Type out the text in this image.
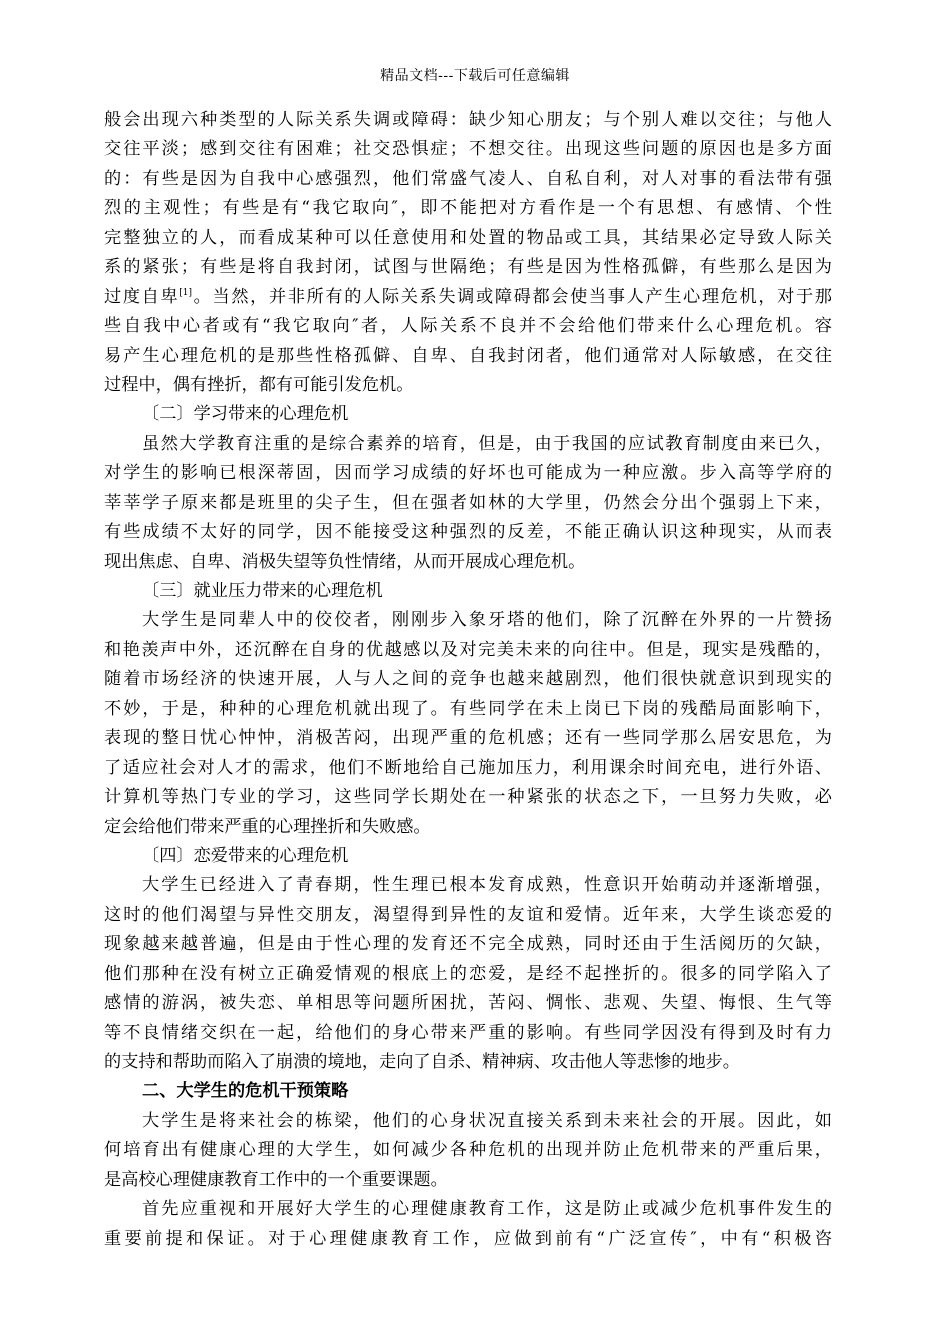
精品文档---下载后可任意编辑
般会出现六种类型的人际关系失调或障碍：缺少知心朋友；与个别人难以交往；与他人
交往平淡；感到交往有困难；社交恐惧症；不想交往。出现这些问题的原因也是多方面
的：有些是因为自我中心感强烈，他们常盛气凌人、自私自利，对人对事的看法带有强
烈的主观性；有些是有“我它取向″，即不能把对方看作是一个有思想、有感情、个性
完整独立的人，而看成某种可以任意使用和处置的物品或工具，其结果必定导致人际关
系的紧张；有些是将自我封闭，试图与世隔绝；有些是因为性格孤僻，有些那么是因为
过度自卑[1]。当然，并非所有的人际关系失调或障碍都会使当事人产生心理危机，对于那
些自我中心者或有“我它取向″者，人际关系不良并不会给他们带来什么心理危机。容
易产生心理危机的是那些性格孤僻、自卑、自我封闭者，他们通常对人际敏感，在交往
过程中，偶有挫折，都有可能引发危机。
〔二〕学习带来的心理危机
虽然大学教育注重的是综合素养的培育，但是，由于我国的应试教育制度由来已久，
对学生的影响已根深蒂固，因而学习成绩的好坏也可能成为一种应激。步入高等学府的
莘莘学子原来都是班里的尖子生，但在强者如林的大学里，仍然会分出个强弱上下来，
有些成绩不太好的同学，因不能接受这种强烈的反差，不能正确认识这种现实，从而表
现出焦虑、自卑、消极失望等负性情绪，从而开展成心理危机。
〔三〕就业压力带来的心理危机
大学生是同辈人中的佼佼者，刚刚步入象牙塔的他们，除了沉醉在外界的一片赞扬
和艳羡声中外，还沉醉在自身的优越感以及对完美未来的向往中。但是，现实是残酷的，
随着市场经济的快速开展，人与人之间的竞争也越来越剧烈，他们很快就意识到现实的
不妙，于是，种种的心理危机就出现了。有些同学在未上岗已下岗的残酷局面影响下，
表现的整日忧心忡忡，消极苦闷，出现严重的危机感；还有一些同学那么居安思危，为
了适应社会对人才的需求，他们不断地给自己施加压力，利用课余时间充电，进行外语、
计算机等热门专业的学习，这些同学长期处在一种紧张的状态之下，一旦努力失败，必
定会给他们带来严重的心理挫折和失败感。
〔四〕恋爱带来的心理危机
大学生已经进入了青春期，性生理已根本发育成熟，性意识开始萌动并逐渐增强，
这时的他们渴望与异性交朋友，渴望得到异性的友谊和爱情。近年来，大学生谈恋爱的
现象越来越普遍，但是由于性心理的发育还不完全成熟，同时还由于生活阅历的欠缺，
他们那种在没有树立正确爱情观的根底上的恋爱，是经不起挫折的。很多的同学陷入了
感情的游涡，被失恋、单相思等问题所困扰，苦闷、惆怅、悲观、失望、悔恨、生气等
等不良情绪交织在一起，给他们的身心带来严重的影响。有些同学因没有得到及时有力
的支持和帮助而陷入了崩溃的境地，走向了自杀、精神病、攻击他人等悲惨的地步。
二、大学生的危机干预策略
大学生是将来社会的栋梁，他们的心身状况直接关系到未来社会的开展。因此，如
何培育出有健康心理的大学生，如何减少各种危机的出现并防止危机带来的严重后果，
是高校心理健康教育工作中的一个重要课题。
首先应重视和开展好大学生的心理健康教育工作，这是防止或减少危机事件发生的
重要前提和保证。对于心理健康教育工作，应做到前有“广泛宣传″，中有“积极咨
